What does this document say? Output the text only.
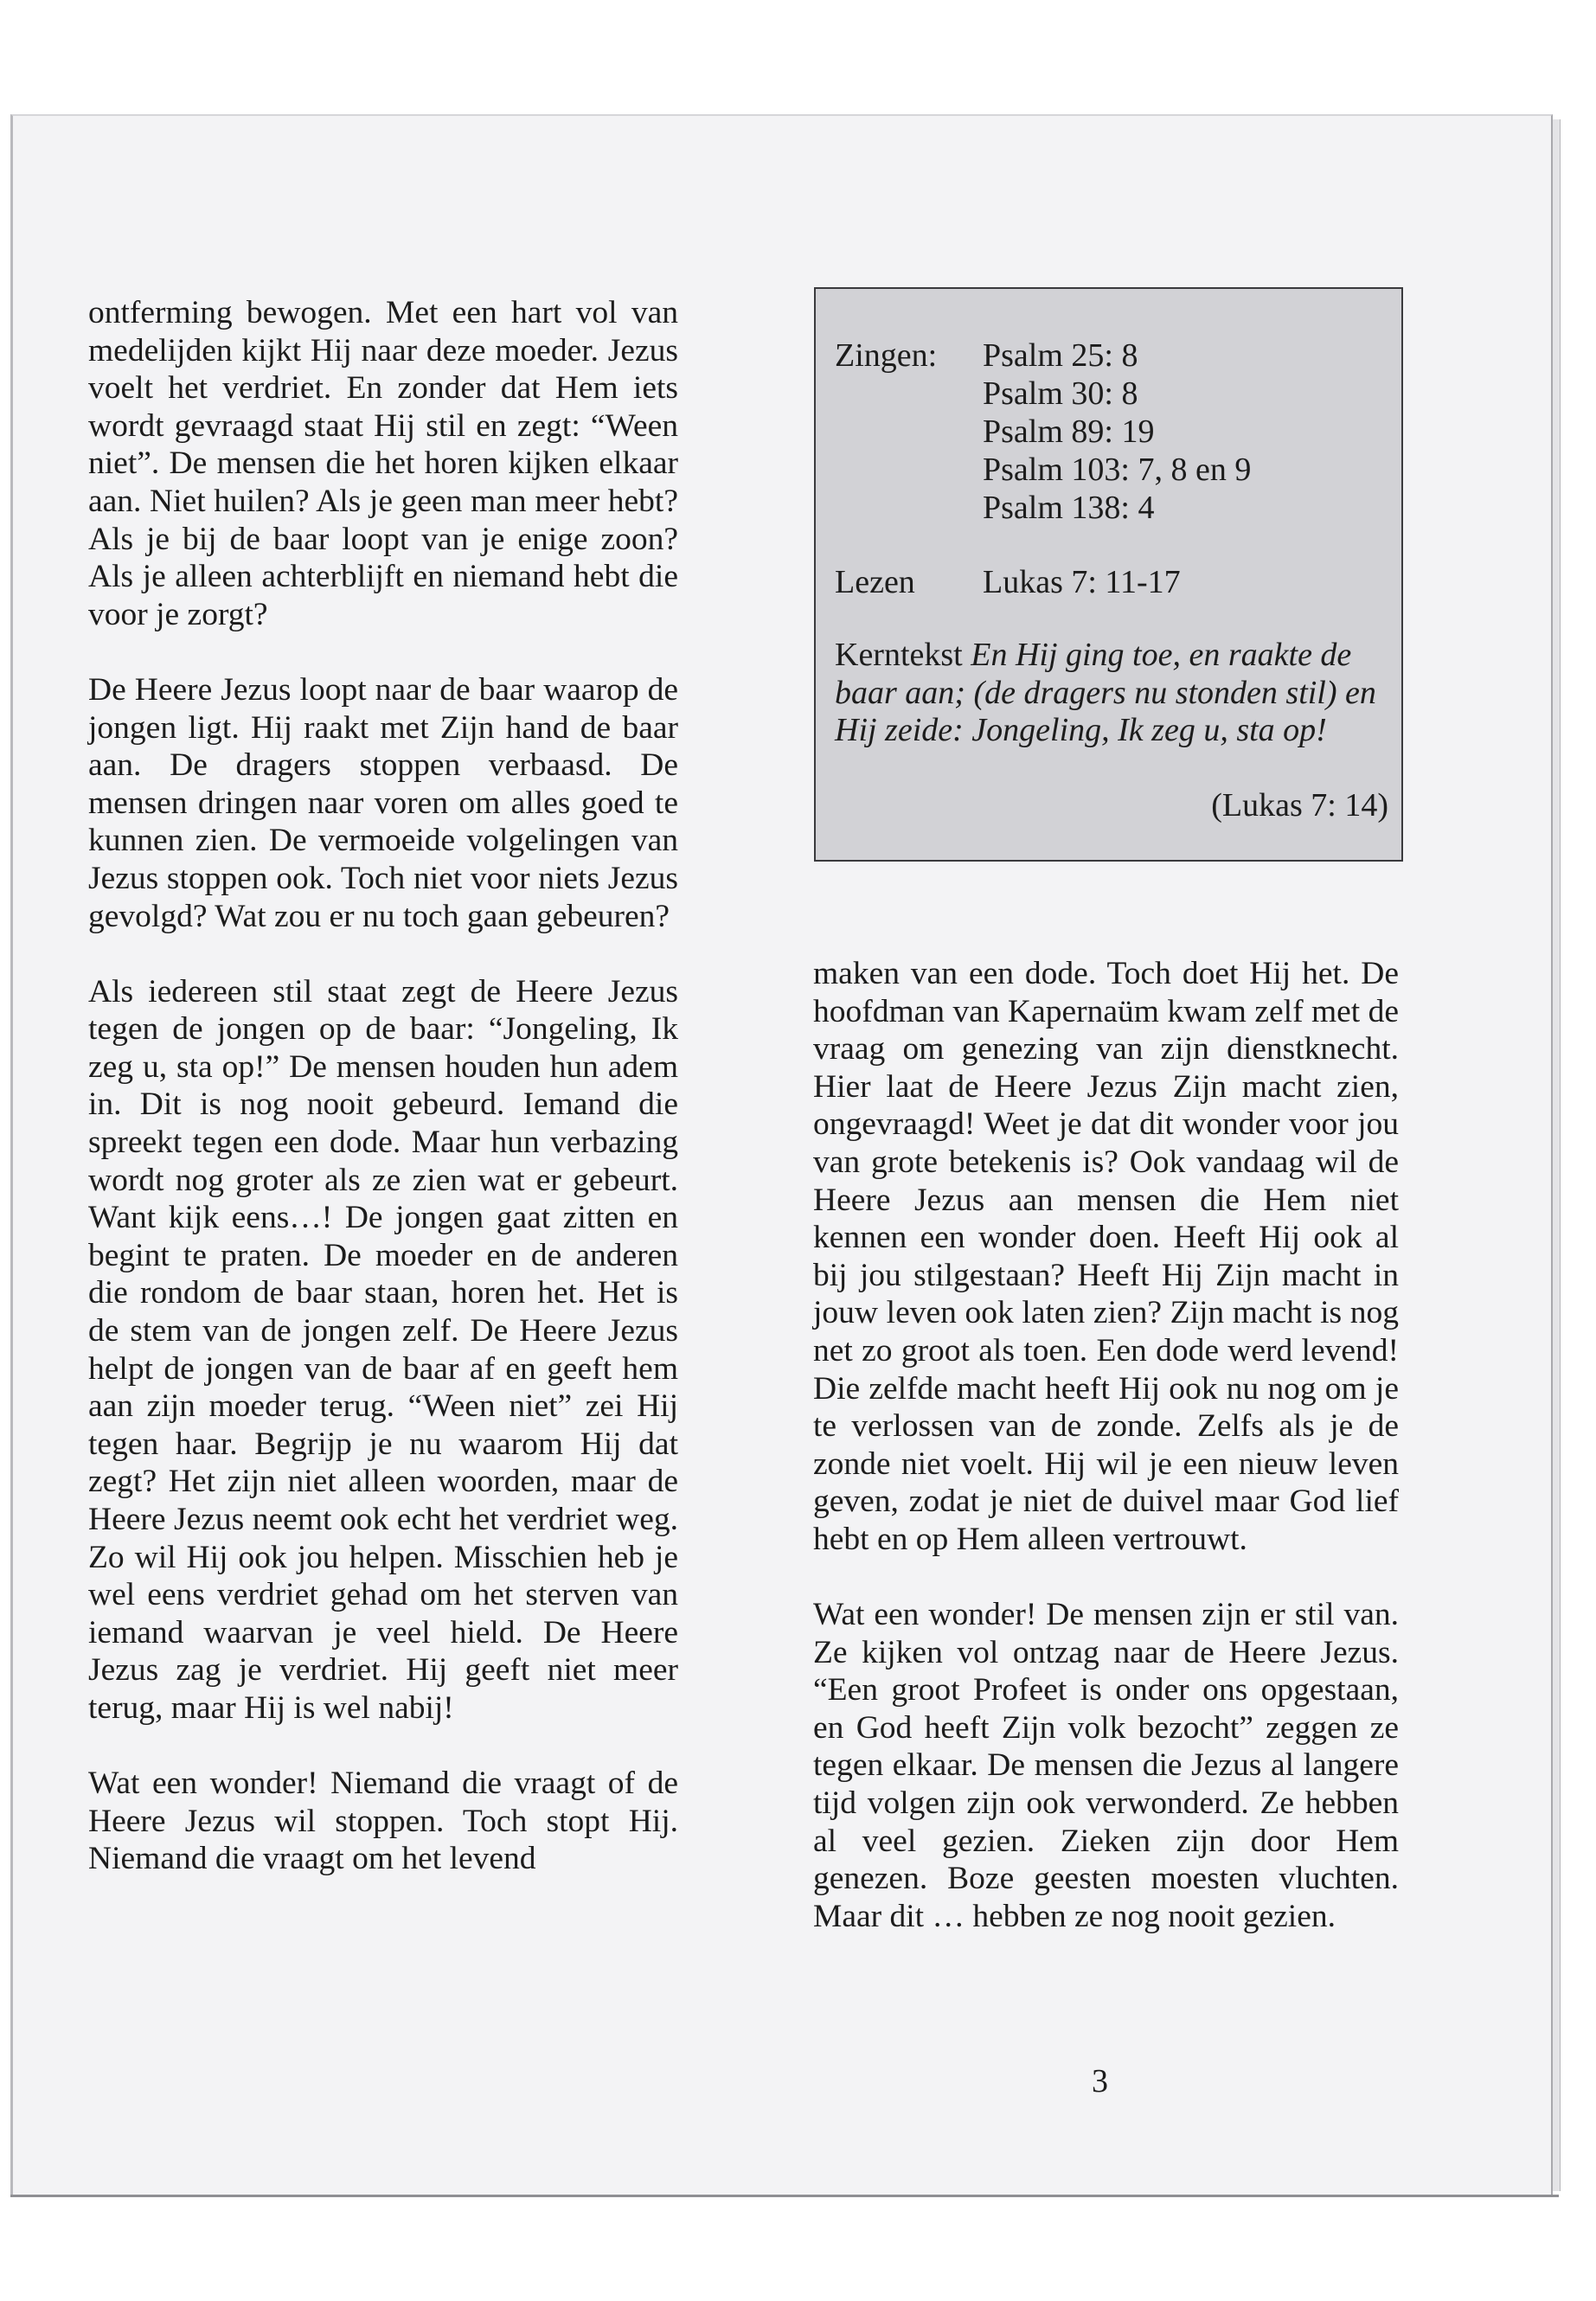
ontferming bewogen. Met een hart vol van medelijden kijkt Hij naar deze moeder. Jezus voelt het verdriet. En zonder dat Hem iets wordt gevraagd staat Hij stil en zegt: “Ween niet”. De mensen die het horen kijken elkaar aan. Niet huilen? Als je geen man meer hebt? Als je bij de baar loopt van je enige zoon? Als je alleen achterblijft en niemand hebt die voor je zorgt?

De Heere Jezus loopt naar de baar waarop de jongen ligt. Hij raakt met Zijn hand de baar aan. De dragers stoppen verbaasd. De mensen dringen naar voren om alles goed te kunnen zien. De vermoeide volgelingen van Jezus stoppen ook. Toch niet voor niets Jezus gevolgd? Wat zou er nu toch gaan gebeuren?

Als iedereen stil staat zegt de Heere Jezus tegen de jongen op de baar: “Jongeling, Ik zeg u, sta op!” De mensen houden hun adem in. Dit is nog nooit gebeurd. Iemand die spreekt tegen een dode. Maar hun verbazing wordt nog groter als ze zien wat er gebeurt. Want kijk eens…! De jongen gaat zitten en begint te praten. De moeder en de anderen die rondom de baar staan, horen het. Het is de stem van de jongen zelf. De Heere Jezus helpt de jongen van de baar af en geeft hem aan zijn moeder terug. “Ween niet” zei Hij tegen haar. Begrijp je nu waarom Hij dat zegt? Het zijn niet alleen woorden, maar de Heere Jezus neemt ook echt het verdriet weg. Zo wil Hij ook jou helpen. Misschien heb je wel eens verdriet gehad om het sterven van iemand waarvan je veel hield. De Heere Jezus zag je verdriet. Hij geeft niet meer terug, maar Hij is wel nabij!

Wat een wonder! Niemand die vraagt of de Heere Jezus wil stoppen. Toch stopt Hij. Niemand die vraagt om het levend

Zingen: Psalm 25: 8
Psalm 30: 8
Psalm 89: 19
Psalm 103: 7, 8 en 9
Psalm 138: 4
Lezen Lukas 7: 11-17
Kerntekst En Hij ging toe, en raakte de baar aan; (de dragers nu stonden stil) en Hij zeide: Jongeling, Ik zeg u, sta op!
(Lukas 7: 14)

maken van een dode. Toch doet Hij het. De hoofdman van Kapernaüm kwam zelf met de vraag om genezing van zijn dienstknecht. Hier laat de Heere Jezus Zijn macht zien, ongevraagd! Weet je dat dit wonder voor jou van grote betekenis is? Ook vandaag wil de Heere Jezus aan mensen die Hem niet kennen een wonder doen. Heeft Hij ook al bij jou stilgestaan? Heeft Hij Zijn macht in jouw leven ook laten zien? Zijn macht is nog net zo groot als toen. Een dode werd levend! Die zelfde macht heeft Hij ook nu nog om je te verlossen van de zonde. Zelfs als je de zonde niet voelt. Hij wil je een nieuw leven geven, zodat je niet de duivel maar God lief hebt en op Hem alleen vertrouwt.

Wat een wonder! De mensen zijn er stil van. Ze kijken vol ontzag naar de Heere Jezus. “Een groot Profeet is onder ons opgestaan, en God heeft Zijn volk bezocht” zeggen ze tegen elkaar. De mensen die Jezus al langere tijd volgen zijn ook verwonderd. Ze hebben al veel gezien. Zieken zijn door Hem genezen. Boze geesten moesten vluchten. Maar dit … hebben ze nog nooit gezien.

3
